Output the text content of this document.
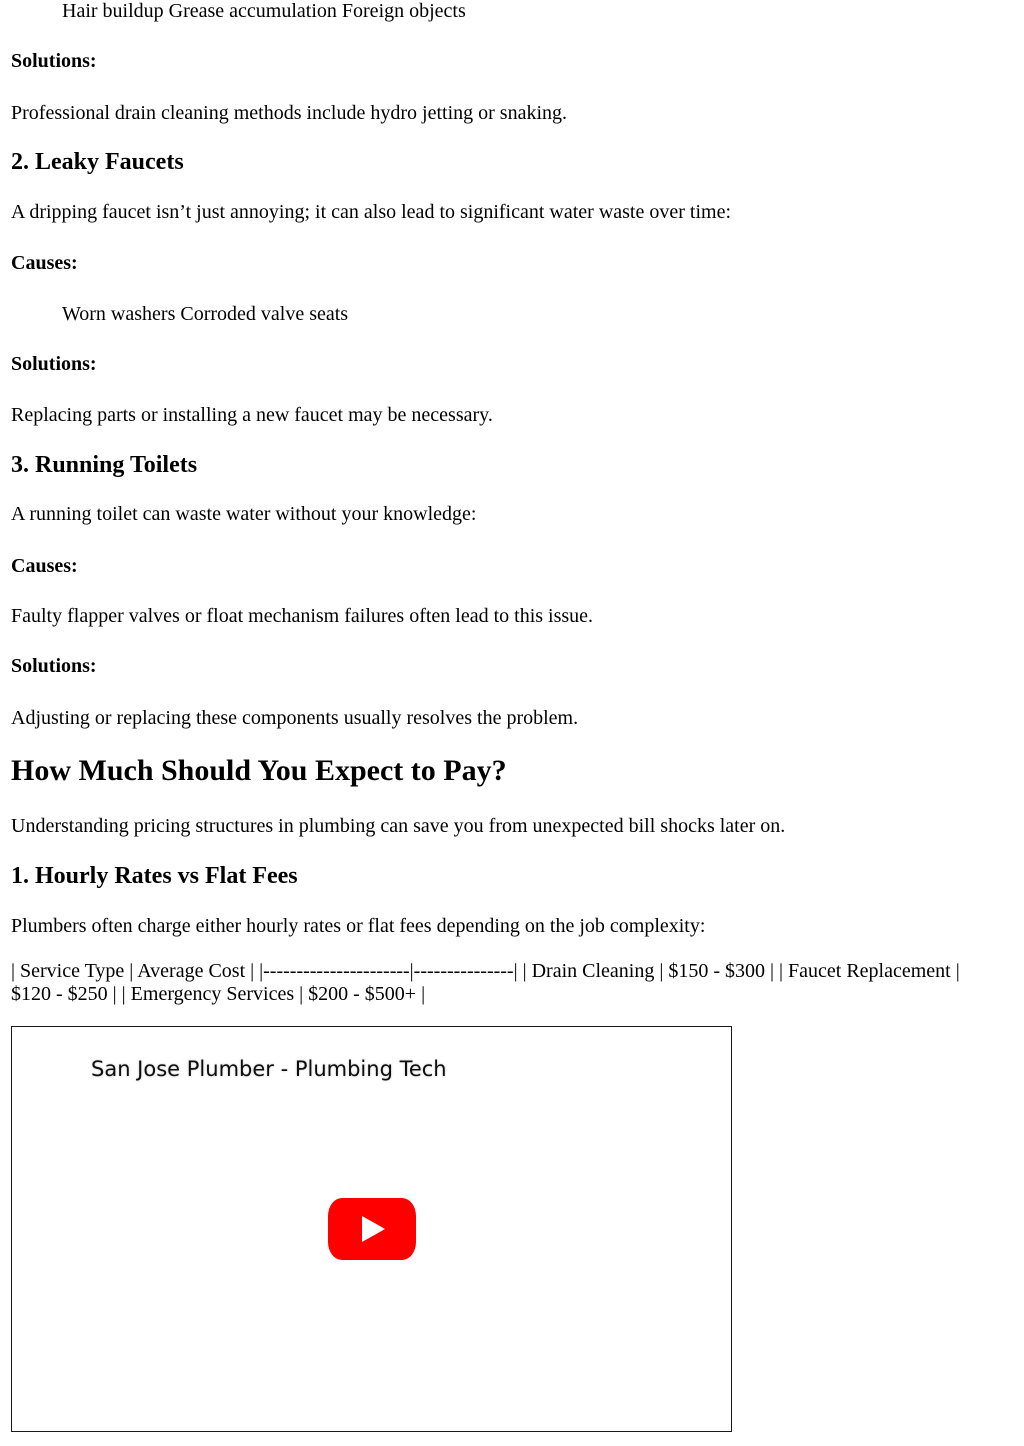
Hair buildup Grease accumulation Foreign objects

Solutions:

Professional drain cleaning methods include hydro jetting or snaking.

2. Leaky Faucets

A dripping faucet isn’t just annoying; it can also lead to significant water waste over time:

Causes:

Worn washers Corroded valve seats

Solutions:

Replacing parts or installing a new faucet may be necessary.

3. Running Toilets

A running toilet can waste water without your knowledge:

Causes:

Faulty flapper valves or float mechanism failures often lead to this issue.

Solutions:

Adjusting or replacing these components usually resolves the problem.

How Much Should You Expect to Pay?

Understanding pricing structures in plumbing can save you from unexpected bill shocks later on.

1. Hourly Rates vs Flat Fees

Plumbers often charge either hourly rates or flat fees depending on the job complexity:

| Service Type | Average Cost | |----------------------|---------------| | Drain Cleaning | $150 - $300 | | Faucet Replacement | $120 - $250 | | Emergency Services | $200 - $500+ |

San Jose Plumber - Plumbing Tech
